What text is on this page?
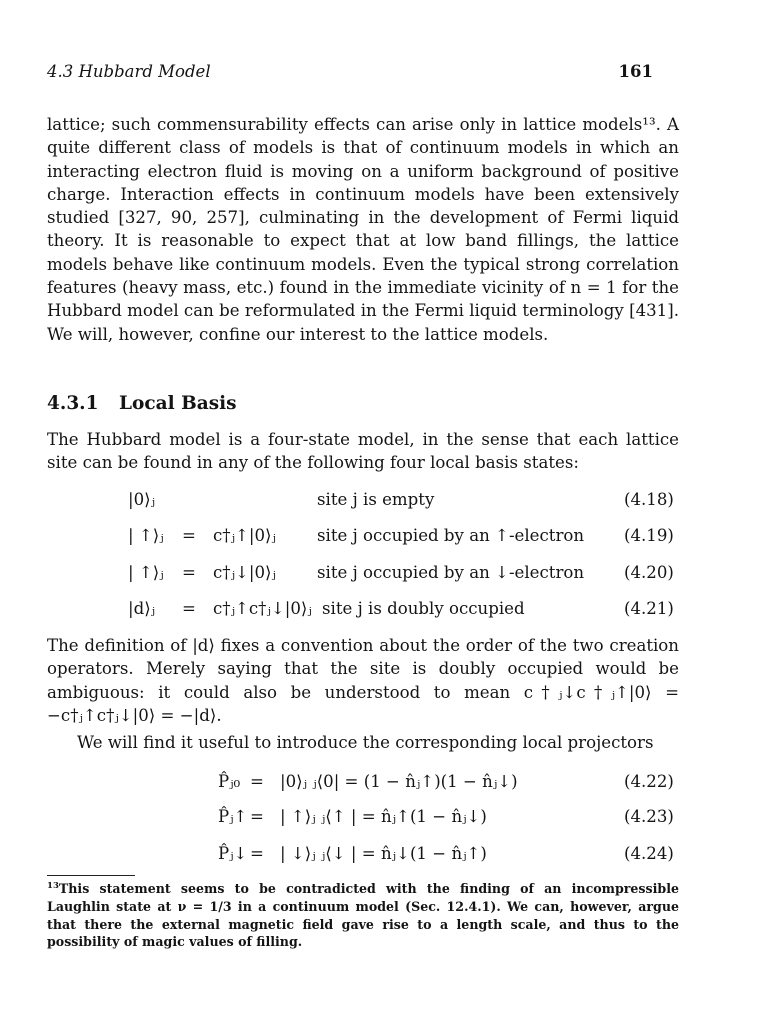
4.3 Hubbard Model	161

lattice; such commensurability effects can arise only in lattice models¹³. A quite different class of models is that of continuum models in which an interacting electron fluid is moving on a uniform background of positive charge. Interaction effects in continuum models have been extensively studied [327, 90, 257], culminating in the development of Fermi liquid theory. It is reasonable to expect that at low band fillings, the lattice models behave like continuum models. Even the typical strong correlation features (heavy mass, etc.) found in the immediate vicinity of n = 1 for the Hubbard model can be reformulated in the Fermi liquid terminology [431]. We will, however, confine our interest to the lattice models.

4.3.1 Local Basis

The Hubbard model is a four-state model, in the sense that each lattice site can be found in any of the following four local basis states:

|0⟩ⱼ	site j is empty	(4.18)
| ↑⟩ⱼ = c†ⱼ↑|0⟩ⱼ site j occupied by an ↑-electron (4.19)
| ↑⟩ⱼ = c†ⱼ↓|0⟩ⱼ site j occupied by an ↓-electron (4.20)
|d⟩ⱼ = c†ⱼ↑c†ⱼ↓|0⟩ⱼ site j is doubly occupied	(4.21)

The definition of |d⟩ fixes a convention about the order of the two creation operators. Merely saying that the site is doubly occupied would be ambiguous: it could also be understood to mean c†ⱼ↓c†ⱼ↑|0⟩ = −c†ⱼ↑c†ⱼ↓|0⟩ = −|d⟩.

We will find it useful to introduce the corresponding local projectors

P̂ⱼ₀ = |0⟩ⱼ ⱼ⟨0| = (1 − n̂ⱼ↑)(1 − n̂ⱼ↓)	(4.22)
P̂ⱼ↑ = | ↑⟩ⱼ ⱼ⟨↑ | = n̂ⱼ↑(1 − n̂ⱼ↓)	(4.23)
P̂ⱼ↓ = | ↓⟩ⱼ ⱼ⟨↓ | = n̂ⱼ↓(1 − n̂ⱼ↑)	(4.24)

$^{13}$This statement seems to be contradicted with the finding of an incompressible Laughlin state at ν = 1/3 in a continuum model (Sec. 12.4.1). We can, however, argue that there the external magnetic field gave rise to a length scale, and thus to the possibility of magic values of filling.
